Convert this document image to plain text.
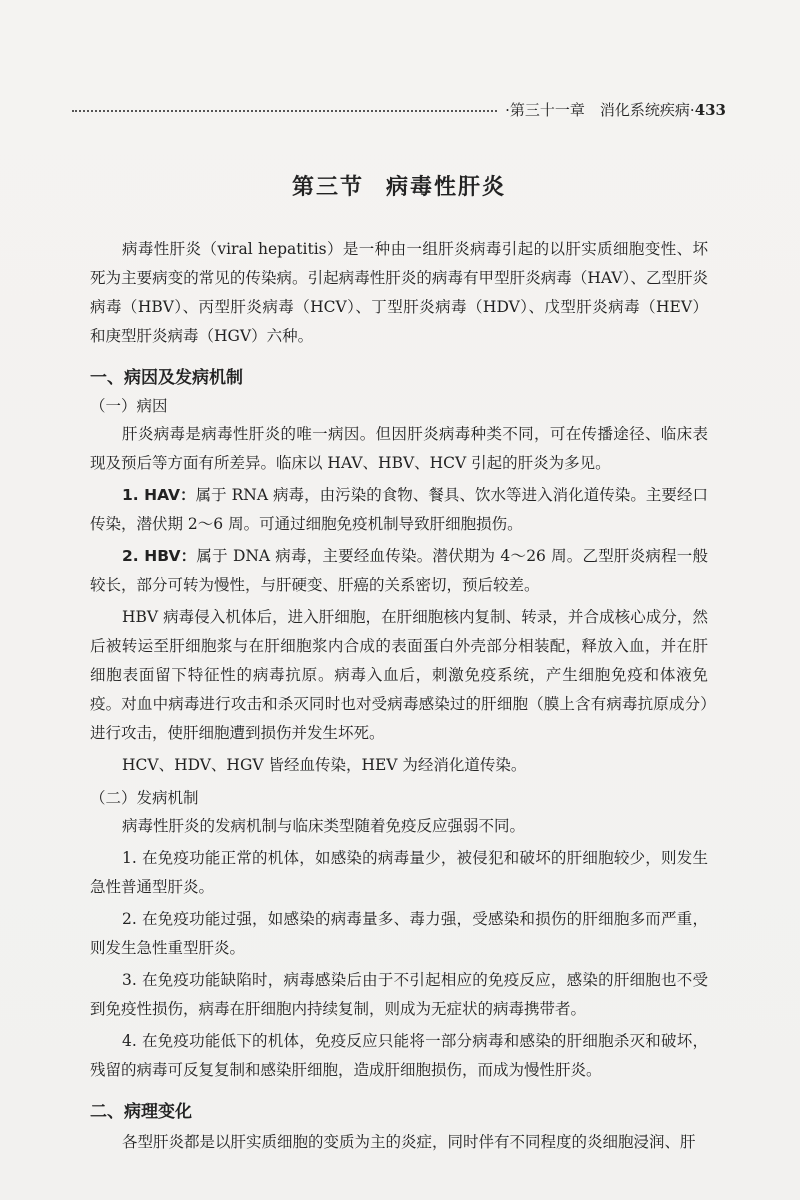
·第三十一章　消化系统疾病·433
第三节 病毒性肝炎

病毒性肝炎（viral hepatitis）是一种由一组肝炎病毒引起的以肝实质细胞变性、坏死为主要病变的常见的传染病。引起病毒性肝炎的病毒有甲型肝炎病毒（HAV）、乙型肝炎病毒（HBV）、丙型肝炎病毒（HCV）、丁型肝炎病毒（HDV）、戊型肝炎病毒（HEV）和庚型肝炎病毒（HGV）六种。

一、病因及发病机制
（一）病因

肝炎病毒是病毒性肝炎的唯一病因。但因肝炎病毒种类不同，可在传播途径、临床表现及预后等方面有所差异。临床以 HAV、HBV、HCV 引起的肝炎为多见。

1. HAV：属于 RNA 病毒，由污染的食物、餐具、饮水等进入消化道传染。主要经口传染，潜伏期 2～6 周。可通过细胞免疫机制导致肝细胞损伤。

2. HBV：属于 DNA 病毒，主要经血传染。潜伏期为 4～26 周。乙型肝炎病程一般较长，部分可转为慢性，与肝硬变、肝癌的关系密切，预后较差。

HBV 病毒侵入机体后，进入肝细胞，在肝细胞核内复制、转录，并合成核心成分，然后被转运至肝细胞浆与在肝细胞浆内合成的表面蛋白外壳部分相装配，释放入血，并在肝细胞表面留下特征性的病毒抗原。病毒入血后，刺激免疫系统，产生细胞免疫和体液免疫。对血中病毒进行攻击和杀灭同时也对受病毒感染过的肝细胞（膜上含有病毒抗原成分）进行攻击，使肝细胞遭到损伤并发生坏死。

HCV、HDV、HGV 皆经血传染，HEV 为经消化道传染。

（二）发病机制

病毒性肝炎的发病机制与临床类型随着免疫反应强弱不同。

1. 在免疫功能正常的机体，如感染的病毒量少，被侵犯和破坏的肝细胞较少，则发生急性普通型肝炎。

2. 在免疫功能过强，如感染的病毒量多、毒力强，受感染和损伤的肝细胞多而严重，则发生急性重型肝炎。

3. 在免疫功能缺陷时，病毒感染后由于不引起相应的免疫反应，感染的肝细胞也不受到免疫性损伤，病毒在肝细胞内持续复制，则成为无症状的病毒携带者。

4. 在免疫功能低下的机体，免疫反应只能将一部分病毒和感染的肝细胞杀灭和破坏，残留的病毒可反复复制和感染肝细胞，造成肝细胞损伤，而成为慢性肝炎。

二、病理变化

各型肝炎都是以肝实质细胞的变质为主的炎症，同时伴有不同程度的炎细胞浸润、肝
